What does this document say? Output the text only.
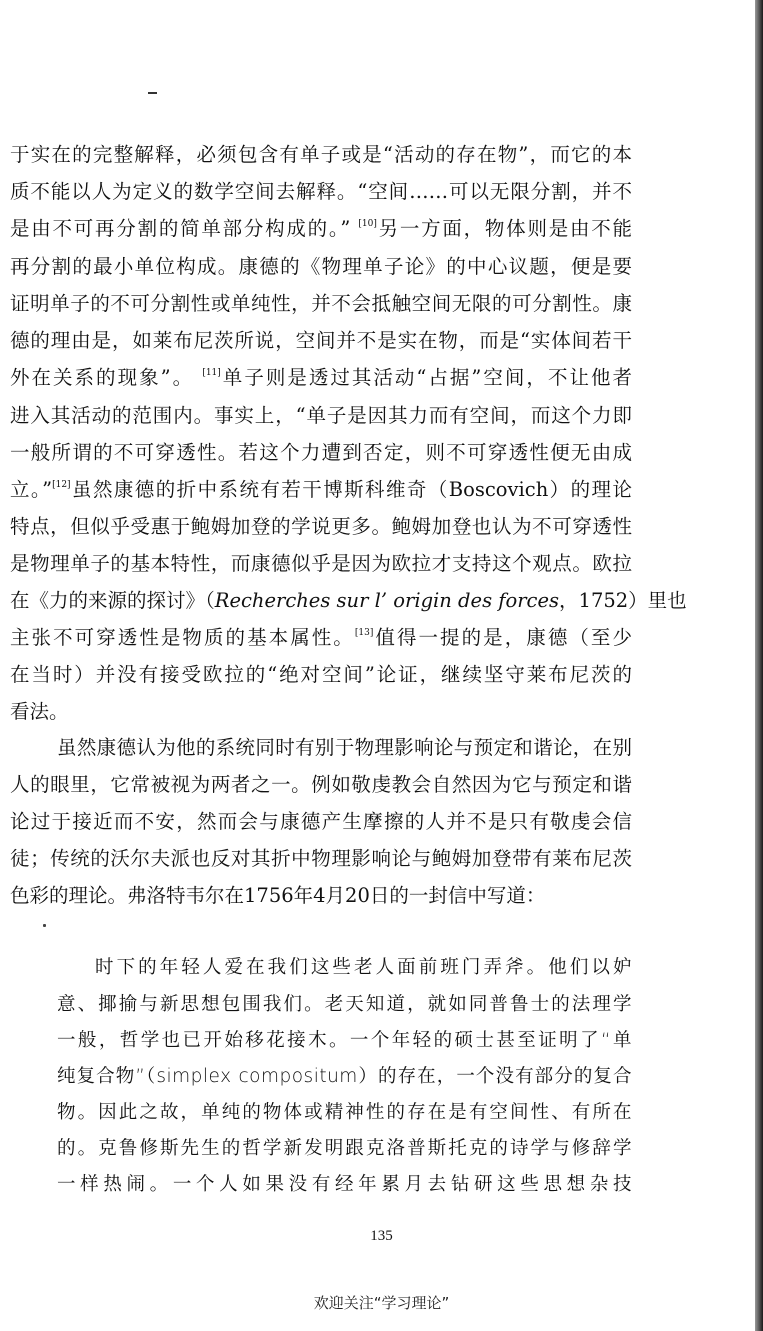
于实在的完整解释，必须包含有单子或是“活动的存在物”，而它的本

质不能以人为定义的数学空间去解释。“空间……可以无限分割，并不

是由不可再分割的简单部分构成的。” [10]另一方面，物体则是由不能

再分割的最小单位构成。康德的《物理单子论》的中心议题，便是要

证明单子的不可分割性或单纯性，并不会抵触空间无限的可分割性。康

德的理由是，如莱布尼茨所说，空间并不是实在物，而是“实体间若干

外在关系的现象”。 [11]单子则是透过其活动“占据”空间，不让他者

进入其活动的范围内。事实上，“单子是因其力而有空间，而这个力即

一般所谓的不可穿透性。若这个力遭到否定，则不可穿透性便无由成

立。”[12]虽然康德的折中系统有若干博斯科维奇（Boscovich）的理论

特点，但似乎受惠于鲍姆加登的学说更多。鲍姆加登也认为不可穿透性

是物理单子的基本特性，而康德似乎是因为欧拉才支持这个观点。欧拉

在《力的来源的探讨》（Recherches sur l’ origin des forces，1752）里也

主张不可穿透性是物质的基本属性。[13]值得一提的是，康德（至少

在当时）并没有接受欧拉的“绝对空间”论证，继续坚守莱布尼茨的

看法。

虽然康德认为他的系统同时有别于物理影响论与预定和谐论，在别

人的眼里，它常被视为两者之一。例如敬虔教会自然因为它与预定和谐

论过于接近而不安，然而会与康德产生摩擦的人并不是只有敬虔会信

徒；传统的沃尔夫派也反对其折中物理影响论与鲍姆加登带有莱布尼茨

色彩的理论。弗洛特韦尔在1756年4月20日的一封信中写道：

时下的年轻人爱在我们这些老人面前班门弄斧。他们以妒

意、揶揄与新思想包围我们。老天知道，就如同普鲁士的法理学

一般，哲学也已开始移花接木。一个年轻的硕士甚至证明了“单

纯复合物”（simplex compositum）的存在，一个没有部分的复合

物。因此之故，单纯的物体或精神性的存在是有空间性、有所在

的。克鲁修斯先生的哲学新发明跟克洛普斯托克的诗学与修辞学

一样热闹。一个人如果没有经年累月去钻研这些思想杂技

135
欢迎关注“学习理论”
